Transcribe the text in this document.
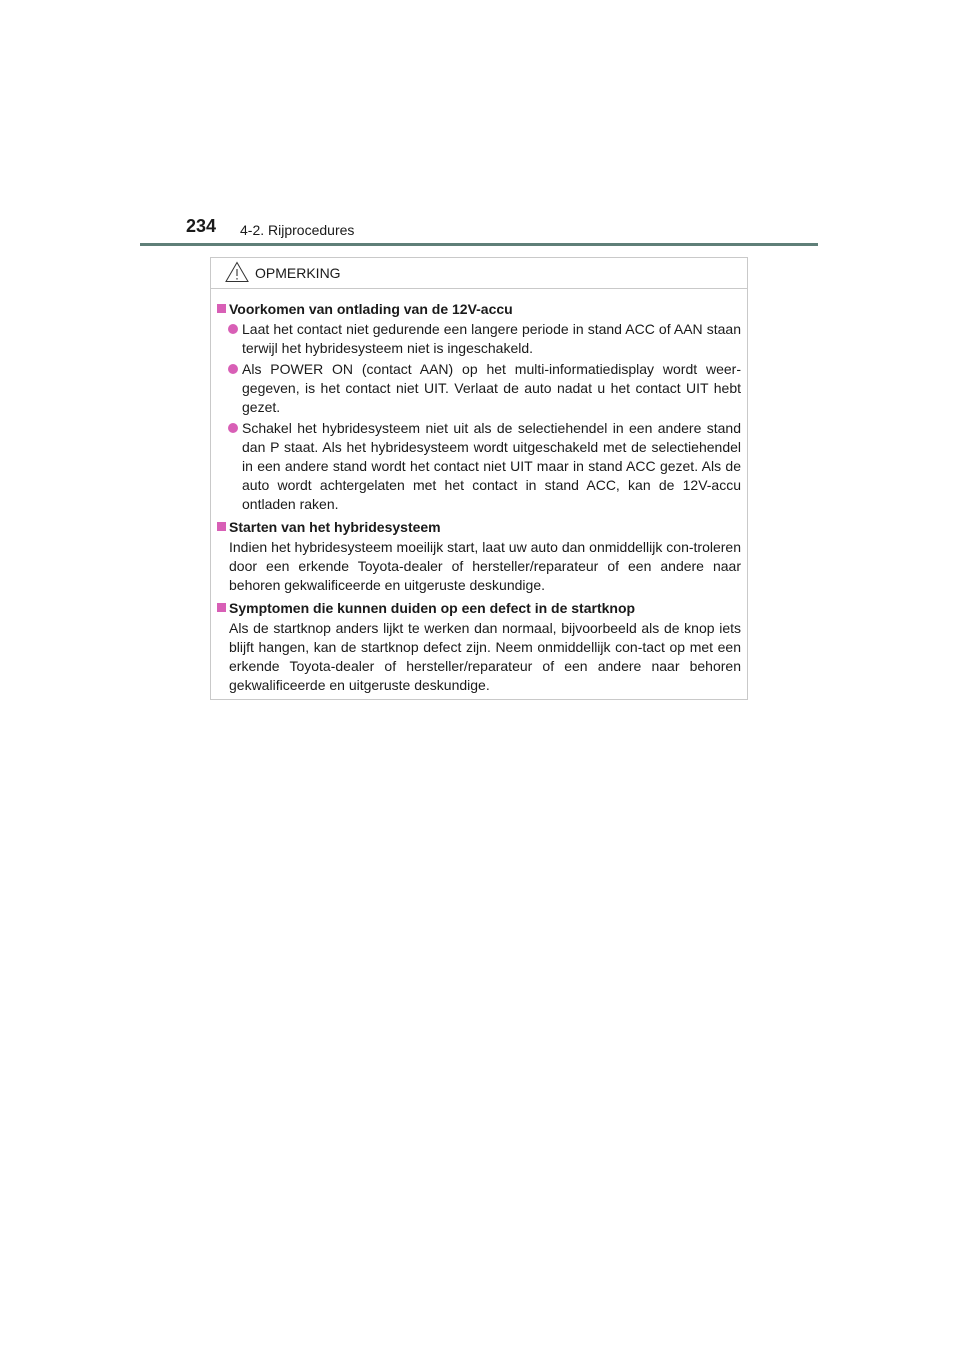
234 4-2. Rijprocedures
OPMERKING
Voorkomen van ontlading van de 12V-accu
Laat het contact niet gedurende een langere periode in stand ACC of AAN staan terwijl het hybridesysteem niet is ingeschakeld.
Als POWER ON (contact AAN) op het multi-informatiedisplay wordt weer-gegeven, is het contact niet UIT. Verlaat de auto nadat u het contact UIT hebt gezet.
Schakel het hybridesysteem niet uit als de selectiehendel in een andere stand dan P staat. Als het hybridesysteem wordt uitgeschakeld met de selectiehendel in een andere stand wordt het contact niet UIT maar in stand ACC gezet. Als de auto wordt achtergelaten met het contact in stand ACC, kan de 12V-accu ontladen raken.
Starten van het hybridesysteem
Indien het hybridesysteem moeilijk start, laat uw auto dan onmiddellijk con-troleren door een erkende Toyota-dealer of hersteller/reparateur of een andere naar behoren gekwalificeerde en uitgeruste deskundige.
Symptomen die kunnen duiden op een defect in de startknop
Als de startknop anders lijkt te werken dan normaal, bijvoorbeeld als de knop iets blijft hangen, kan de startknop defect zijn. Neem onmiddellijk con-tact op met een erkende Toyota-dealer of hersteller/reparateur of een andere naar behoren gekwalificeerde en uitgeruste deskundige.
